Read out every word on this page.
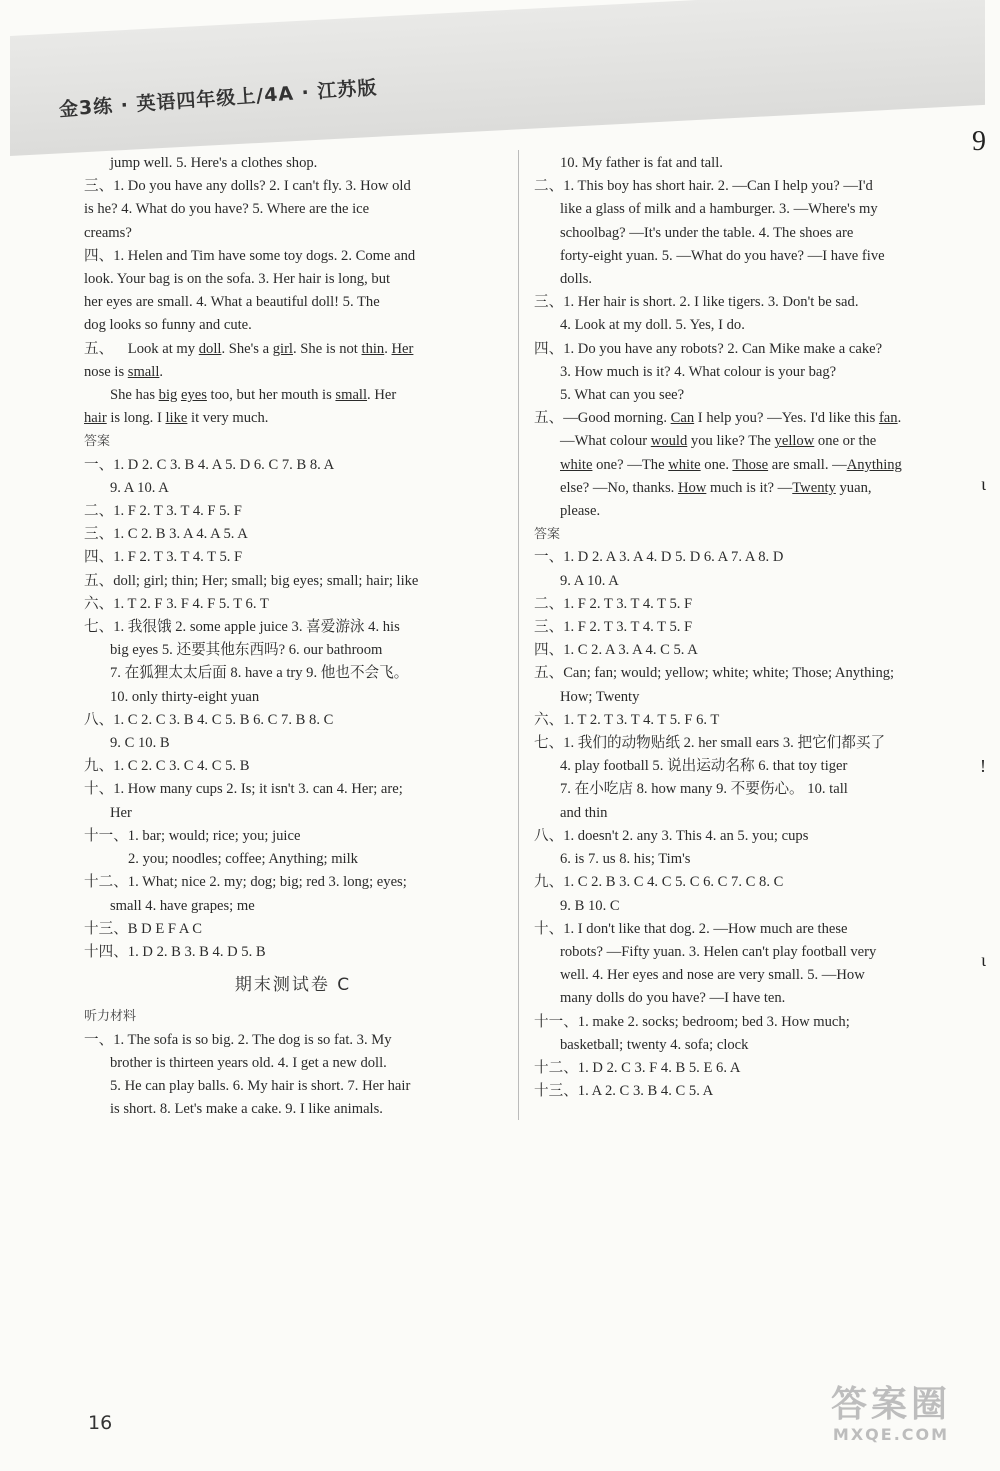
金3练 · 英语四年级上/4A · 江苏版
jump well. 5. Here's a clothes shop.
三、1. Do you have any dolls? 2. I can't fly. 3. How old
is he? 4. What do you have? 5. Where are the ice
creams?
四、1. Helen and Tim have some toy dogs. 2. Come and
look. Your bag is on the sofa. 3. Her hair is long, but
her eyes are small. 4. What a beautiful doll! 5. The
dog looks so funny and cute.
五、    Look at my doll. She's a girl. She is not thin. Her
nose is small.
She has big eyes too, but her mouth is small. Her
hair is long. I like it very much.
答案
一、1. D 2. C 3. B 4. A 5. D 6. C 7. B 8. A
9. A 10. A
二、1. F 2. T 3. T 4. F 5. F
三、1. C 2. B 3. A 4. A 5. A
四、1. F 2. T 3. T 4. T 5. F
五、doll; girl; thin; Her; small; big eyes; small; hair; like
六、1. T 2. F 3. F 4. F 5. T 6. T
七、1. 我很饿 2. some apple juice 3. 喜爱游泳 4. his
big eyes 5. 还要其他东西吗? 6. our bathroom
7. 在狐狸太太后面 8. have a try 9. 他也不会飞。
10. only thirty-eight yuan
八、1. C 2. C 3. B 4. C 5. B 6. C 7. B 8. C
9. C 10. B
九、1. C 2. C 3. C 4. C 5. B
十、1. How many cups 2. Is; it isn't 3. can 4. Her; are;
Her
十一、1. bar; would; rice; you; juice
2. you; noodles; coffee; Anything; milk
十二、1. What; nice 2. my; dog; big; red 3. long; eyes;
small 4. have grapes; me
十三、B D E F A C
十四、1. D 2. B 3. B 4. D 5. B
期末测试卷 C
听力材料
一、1. The sofa is so big. 2. The dog is so fat. 3. My
brother is thirteen years old. 4. I get a new doll.
5. He can play balls. 6. My hair is short. 7. Her hair
is short. 8. Let's make a cake. 9. I like animals.
10. My father is fat and tall.
二、1. This boy has short hair. 2. —Can I help you? —I'd
like a glass of milk and a hamburger. 3. —Where's my
schoolbag? —It's under the table. 4. The shoes are
forty-eight yuan. 5. —What do you have? —I have five
dolls.
三、1. Her hair is short. 2. I like tigers. 3. Don't be sad.
4. Look at my doll. 5. Yes, I do.
四、1. Do you have any robots? 2. Can Mike make a cake?
3. How much is it? 4. What colour is your bag?
5. What can you see?
五、—Good morning. Can I help you? —Yes. I'd like this fan.
—What colour would you like? The yellow one or the
white one? —The white one. Those are small. —Anything
else? —No, thanks. How much is it? —Twenty yuan,
please.
答案
一、1. D 2. A 3. A 4. D 5. D 6. A 7. A 8. D
9. A 10. A
二、1. F 2. T 3. T 4. T 5. F
三、1. F 2. T 3. T 4. T 5. F
四、1. C 2. A 3. A 4. C 5. A
五、Can; fan; would; yellow; white; white; Those; Anything;
How; Twenty
六、1. T 2. T 3. T 4. T 5. F 6. T
七、1. 我们的动物贴纸 2. her small ears 3. 把它们都买了
4. play football 5. 说出运动名称 6. that toy tiger
7. 在小吃店 8. how many 9. 不要伤心。 10. tall
and thin
八、1. doesn't 2. any 3. This 4. an 5. you; cups
6. is 7. us 8. his; Tim's
九、1. C 2. B 3. C 4. C 5. C 6. C 7. C 8. C
9. B 10. C
十、1. I don't like that dog. 2. —How much are these
robots? —Fifty yuan. 3. Helen can't play football very
well. 4. Her eyes and nose are very small. 5. —How
many dolls do you have? —I have ten.
十一、1. make 2. socks; bedroom; bed 3. How much;
basketball; twenty 4. sofa; clock
十二、1. D 2. C 3. F 4. B 5. E 6. A
十三、1. A 2. C 3. B 4. C 5. A
9
ɩ
!
ɩ
16	答案圈
MXQE.COM
